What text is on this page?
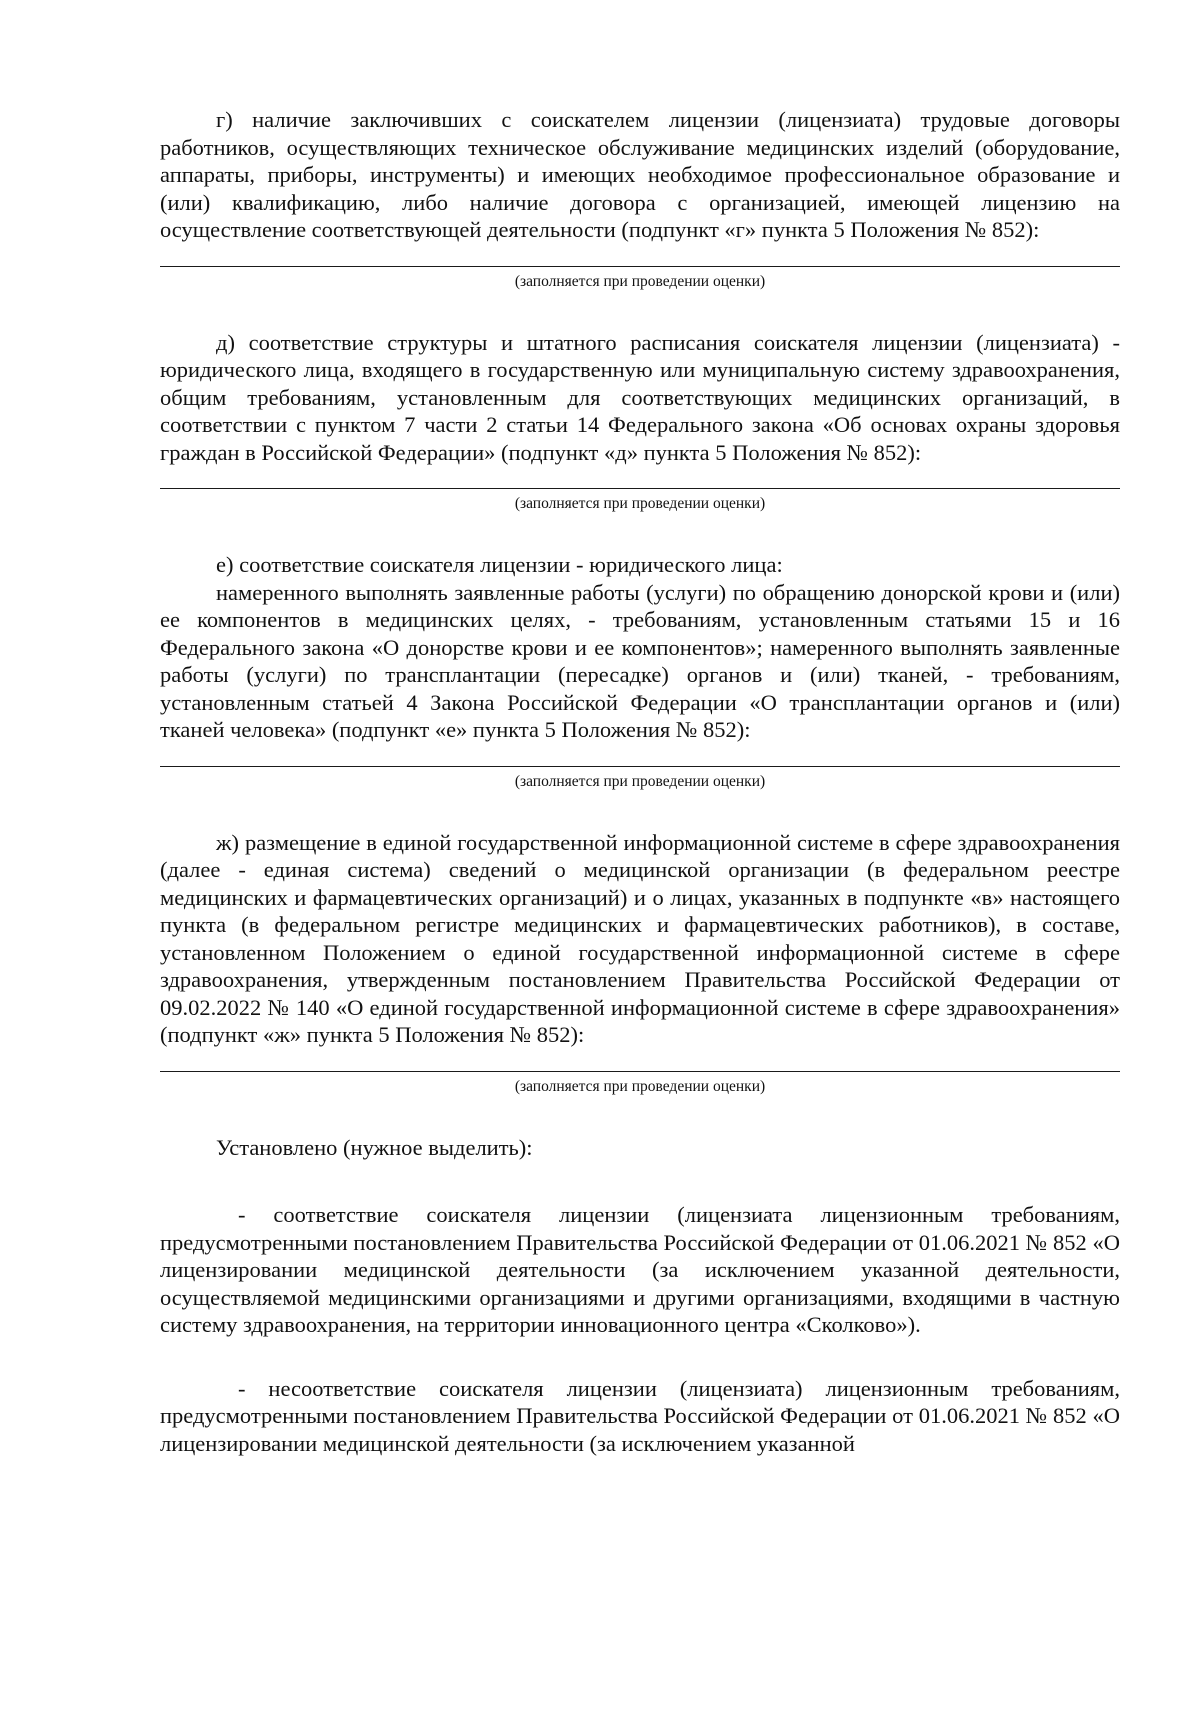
г) наличие заключивших с соискателем лицензии (лицензиата) трудовые договоры работников, осуществляющих техническое обслуживание медицинских изделий (оборудование, аппараты, приборы, инструменты) и имеющих необходимое профессиональное образование и (или) квалификацию, либо наличие договора с организацией, имеющей лицензию на осуществление соответствующей деятельности (подпункт «г» пункта 5 Положения № 852):

(заполняется при проведении оценки)

д) соответствие структуры и штатного расписания соискателя лицензии (лицензиата) - юридического лица, входящего в государственную или муниципальную систему здравоохранения, общим требованиям, установленным для соответствующих медицинских организаций, в соответствии с пунктом 7 части 2 статьи 14 Федерального закона «Об основах охраны здоровья граждан в Российской Федерации» (подпункт «д» пункта 5 Положения № 852):

(заполняется при проведении оценки)

е) соответствие соискателя лицензии - юридического лица:

намеренного выполнять заявленные работы (услуги) по обращению донорской крови и (или) ее компонентов в медицинских целях, - требованиям, установленным статьями 15 и 16 Федерального закона «О донорстве крови и ее компонентов»; намеренного выполнять заявленные работы (услуги) по трансплантации (пересадке) органов и (или) тканей, - требованиям, установленным статьей 4 Закона Российской Федерации «О трансплантации органов и (или) тканей человека» (подпункт «е» пункта 5 Положения № 852):

(заполняется при проведении оценки)

ж) размещение в единой государственной информационной системе в сфере здравоохранения (далее - единая система) сведений о медицинской организации (в федеральном реестре медицинских и фармацевтических организаций) и о лицах, указанных в подпункте «в» настоящего пункта (в федеральном регистре медицинских и фармацевтических работников), в составе, установленном Положением о единой государственной информационной системе в сфере здравоохранения, утвержденным постановлением Правительства Российской Федерации от 09.02.2022 № 140 «О единой государственной информационной системе в сфере здравоохранения» (подпункт «ж» пункта 5 Положения № 852):

(заполняется при проведении оценки)

Установлено (нужное выделить):

- соответствие соискателя лицензии (лицензиата лицензионным требованиям, предусмотренными постановлением Правительства Российской Федерации от 01.06.2021 № 852 «О лицензировании медицинской деятельности (за исключением указанной деятельности, осуществляемой медицинскими организациями и другими организациями, входящими в частную систему здравоохранения, на территории инновационного центра «Сколково»).

- несоответствие соискателя лицензии (лицензиата) лицензионным требованиям, предусмотренными постановлением Правительства Российской Федерации от 01.06.2021 № 852 «О лицензировании медицинской деятельности (за исключением указанной
